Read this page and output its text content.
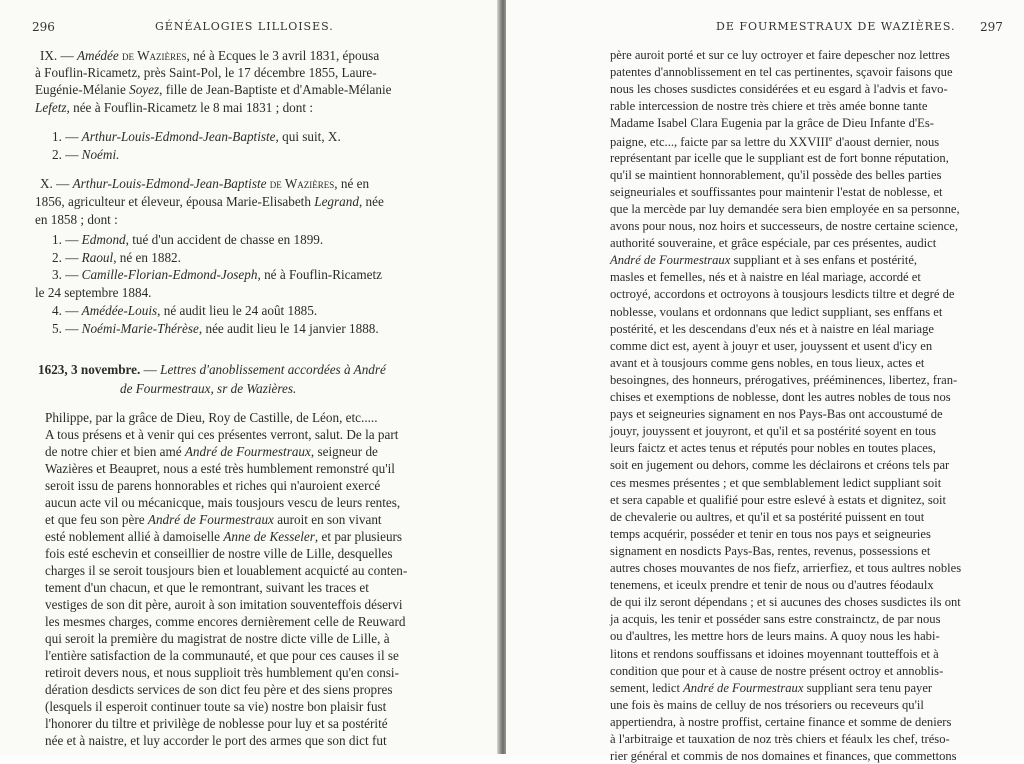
296	GÉNÉALOGIES LILLOISES.
IX. — Amédée de Wazières, né à Ecques le 3 avril 1831, épousa
à Fouflin-Ricametz, près Saint-Pol, le 17 décembre 1855, Laure-
Eugénie-Mélanie Soyez, fille de Jean-Baptiste et d'Amable-Mélanie
Lefetz, née à Fouflin-Ricametz le 8 mai 1831 ; dont :
1. — Arthur-Louis-Edmond-Jean-Baptiste, qui suit, X.
2. — Noémi.
X. — Arthur-Louis-Edmond-Jean-Baptiste de Wazières, né en
1856, agriculteur et éleveur, épousa Marie-Elisabeth Legrand, née
en 1858 ; dont :
1. — Edmond, tué d'un accident de chasse en 1899.
2. — Raoul, né en 1882.
3. — Camille-Florian-Edmond-Joseph, né à Fouflin-Ricametz
le 24 septembre 1884.
4. — Amédée-Louis, né audit lieu le 24 août 1885.
5. — Noémi-Marie-Thérèse, née audit lieu le 14 janvier 1888.
1623, 3 novembre. — Lettres d'anoblissement accordées à André
de Fourmestraux, sr de Wazières.
Philippe, par la grâce de Dieu, Roy de Castille, de Léon, etc.....
A tous présens et à venir qui ces présentes verront, salut. De la part
de notre chier et bien amé André de Fourmestraux, seigneur de
Wazières et Beaupret, nous a esté très humblement remonstré qu'il
seroit issu de parens honnorables et riches qui n'auroient exercé
aucun acte vil ou mécanicque, mais tousjours vescu de leurs rentes,
et que feu son père André de Fourmestraux auroit en son vivant
esté noblement allié à damoiselle Anne de Kesseler, et par plusieurs
fois esté eschevin et conseillier de nostre ville de Lille, desquelles
charges il se seroit tousjours bien et louablement acquicté au conten-
tement d'un chacun, et que le remontrant, suivant les traces et
vestiges de son dit père, auroit à son imitation souventeffois déservi
les mesmes charges, comme encores dernièrement celle de Reuward
qui seroit la première du magistrat de nostre dicte ville de Lille, à
l'entière satisfaction de la communauté, et que pour ces causes il se
retiroit devers nous, et nous supplioit très humblement qu'en consi-
dération desdicts services de son dict feu père et des siens propres
(lesquels il esperoit continuer toute sa vie) nostre bon plaisir fust
l'honorer du tiltre et privilège de noblesse pour luy et sa postérité
née et à naistre, et luy accorder le port des armes que son dict fut
DE FOURMESTRAUX DE WAZIÈRES. 297
père auroit porté et sur ce luy octroyer et faire depescher noz lettres
patentes d'annoblissement en tel cas pertinentes, sçavoir faisons que
nous les choses susdictes considérées et eu esgard à l'advis et favo-
rable intercession de nostre très chiere et très amée bonne tante
Madame Isabel Clara Eugenia par la grâce de Dieu Infante d'Es-
paigne, etc..., faicte par sa lettre du XXVIIIe d'aoust dernier, nous
représentant par icelle que le suppliant est de fort bonne réputation,
qu'il se maintient honnorablement, qu'il possède des belles parties
seigneuriales et souffissantes pour maintenir l'estat de noblesse, et
que la mercède par luy demandée sera bien employée en sa personne,
avons pour nous, noz hoirs et successeurs, de nostre certaine science,
authorité souveraine, et grâce espéciale, par ces présentes, audict
André de Fourmestraux suppliant et à ses enfans et postérité,
masles et femelles, nés et à naistre en léal mariage, accordé et
octroyé, accordons et octroyons à tousjours lesdicts tiltre et degré de
noblesse, voulans et ordonnans que ledict suppliant, ses enffans et
postérité, et les descendans d'eux nés et à naistre en léal mariage
comme dict est, ayent à jouyr et user, jouyssent et usent d'icy en
avant et à tousjours comme gens nobles, en tous lieux, actes et
besoingnes, des honneurs, prérogatives, prééminences, libertez, fran-
chises et exemptions de noblesse, dont les autres nobles de tous nos
pays et seigneuries signament en nos Pays-Bas ont accoustumé de
jouyr, jouyssent et jouyront, et qu'il et sa postérité soyent en tous
leurs faictz et actes tenus et réputés pour nobles en toutes places,
soit en jugement ou dehors, comme les déclairons et créons tels par
ces mesmes présentes ; et que semblablement ledict suppliant soit
et sera capable et qualifié pour estre eslevé à estats et dignitez, soit
de chevalerie ou aultres, et qu'il et sa postérité puissent en tout
temps acquérir, posséder et tenir en tous nos pays et seigneuries
signament en nosdicts Pays-Bas, rentes, revenus, possessions et
autres choses mouvantes de nos fiefz, arrierfiez, et tous aultres nobles
tenemens, et iceulx prendre et tenir de nous ou d'autres féodaulx
de qui ilz seront dépendans ; et si aucunes des choses susdictes ils ont
ja acquis, les tenir et posséder sans estre constrainctz, de par nous
ou d'aultres, les mettre hors de leurs mains. A quoy nous les habi-
litons et rendons souffissans et idoines moyennant toutteffois et à
condition que pour et à cause de nostre présent octroy et annoblis-
sement, ledict André de Fourmestraux suppliant sera tenu payer
une fois ès mains de celluy de nos trésoriers ou receveurs qu'il
appertiendra, à nostre proffist, certaine finance et somme de deniers
à l'arbitraige et tauxation de noz très chiers et féaulx les chef, tréso-
rier général et commis de nos domaines et finances, que commettons
